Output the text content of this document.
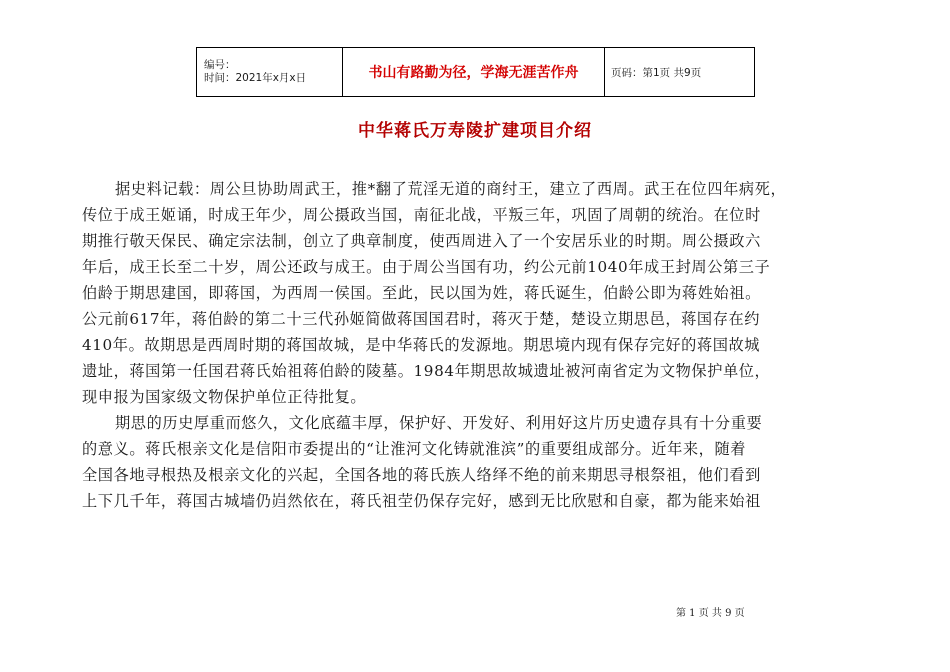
编号：
时间：2021年x月x日	书山有路勤为径，学海无涯苦作舟	页码：第1页 共9页
中华蒋氏万寿陵扩建项目介绍
据史料记载：周公旦协助周武王，推*翻了荒淫无道的商纣王，建立了西周。武王在位四年病死，
传位于成王姬诵，时成王年少，周公摄政当国，南征北战，平叛三年，巩固了周朝的统治。在位时
期推行敬天保民、确定宗法制，创立了典章制度，使西周进入了一个安居乐业的时期。周公摄政六
年后，成王长至二十岁，周公还政与成王。由于周公当国有功，约公元前1040年成王封周公第三子
伯龄于期思建国，即蒋国，为西周一侯国。至此，民以国为姓，蒋氏诞生，伯龄公即为蒋姓始祖。
公元前617年，蒋伯龄的第二十三代孙姬简做蒋国国君时，蒋灭于楚，楚设立期思邑，蒋国存在约
410年。故期思是西周时期的蒋国故城，是中华蒋氏的发源地。期思境内现有保存完好的蒋国故城
遗址，蒋国第一任国君蒋氏始祖蒋伯龄的陵墓。1984年期思故城遗址被河南省定为文物保护单位，
现申报为国家级文物保护单位正待批复。
期思的历史厚重而悠久，文化底蕴丰厚，保护好、开发好、利用好这片历史遗存具有十分重要
的意义。蒋氏根亲文化是信阳市委提出的“让淮河文化铸就淮滨”的重要组成部分。近年来，随着
全国各地寻根热及根亲文化的兴起，全国各地的蒋氏族人络绎不绝的前来期思寻根祭祖，他们看到
上下几千年，蒋国古城墙仍岿然依在，蒋氏祖茔仍保存完好，感到无比欣慰和自豪，都为能来始祖
第 1 页 共 9 页
